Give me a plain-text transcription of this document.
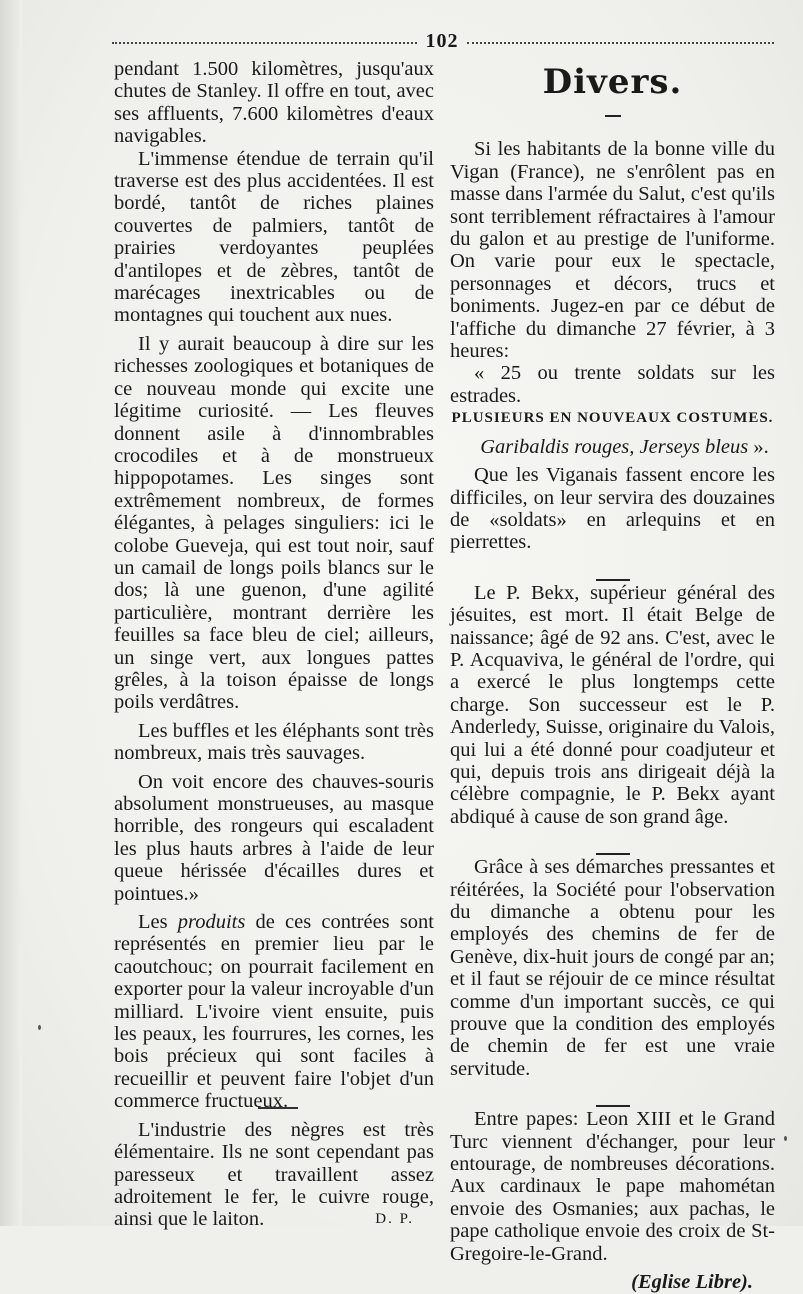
102

pendant 1.500 kilomètres, jusqu'aux chutes de Stanley. Il offre en tout, avec ses affluents, 7.600 kilomètres d'eaux navigables.

L'immense étendue de terrain qu'il traverse est des plus accidentées. Il est bordé, tantôt de riches plaines couvertes de palmiers, tantôt de prairies verdoyantes peuplées d'antilopes et de zèbres, tantôt de marécages inextricables ou de montagnes qui touchent aux nues.

Il y aurait beaucoup à dire sur les richesses zoologiques et botaniques de ce nouveau monde qui excite une légitime curiosité. — Les fleuves donnent asile à d'innombrables crocodiles et à de monstrueux hippopotames. Les singes sont extrêmement nombreux, de formes élégantes, à pelages singuliers: ici le colobe Gueveja, qui est tout noir, sauf un camail de longs poils blancs sur le dos; là une guenon, d'une agilité particulière, montrant derrière les feuilles sa face bleu de ciel; ailleurs, un singe vert, aux longues pattes grêles, à la toison épaisse de longs poils verdâtres.

Les buffles et les éléphants sont très nombreux, mais très sauvages.

On voit encore des chauves-souris absolument monstrueuses, au masque horrible, des rongeurs qui escaladent les plus hauts arbres à l'aide de leur queue hérissée d'écailles dures et pointues.»

Les produits de ces contrées sont représentés en premier lieu par le caoutchouc; on pourrait facilement en exporter pour la valeur incroyable d'un milliard. L'ivoire vient ensuite, puis les peaux, les fourrures, les cornes, les bois précieux qui sont faciles à recueillir et peuvent faire l'objet d'un commerce fructueux.

L'industrie des nègres est très élémentaire. Ils ne sont cependant pas paresseux et travaillent assez adroitement le fer, le cuivre rouge, ainsi que le laiton.	D. P.

Divers.

Si les habitants de la bonne ville du Vigan (France), ne s'enrôlent pas en masse dans l'armée du Salut, c'est qu'ils sont terriblement réfractaires à l'amour du galon et au prestige de l'uniforme. On varie pour eux le spectacle, personnages et décors, trucs et boniments. Jugez-en par ce début de l'affiche du dimanche 27 février, à 3 heures:

« 25 ou trente soldats sur les estrades.

PLUSIEURS EN NOUVEAUX COSTUMES.

Garibaldis rouges, Jerseys bleus ».

Que les Viganais fassent encore les difficiles, on leur servira des douzaines de «soldats» en arlequins et en pierrettes.

Le P. Bekx, supérieur général des jésuites, est mort. Il était Belge de naissance; âgé de 92 ans. C'est, avec le P. Acquaviva, le général de l'ordre, qui a exercé le plus longtemps cette charge. Son successeur est le P. Anderledy, Suisse, originaire du Valois, qui lui a été donné pour coadjuteur et qui, depuis trois ans dirigeait déjà la célèbre compagnie, le P. Bekx ayant abdiqué à cause de son grand âge.

Grâce à ses démarches pressantes et réitérées, la Société pour l'observation du dimanche a obtenu pour les employés des chemins de fer de Genève, dix-huit jours de congé par an; et il faut se réjouir de ce mince résultat comme d'un important succès, ce qui prouve que la condition des employés de chemin de fer est une vraie servitude.

Entre papes: Leon XIII et le Grand Turc viennent d'échanger, pour leur entourage, de nombreuses décorations. Aux cardinaux le pape mahométan envoie des Osmanies; aux pachas, le pape catholique envoie des croix de St-Gregoire-le-Grand.

(Eglise Libre).
